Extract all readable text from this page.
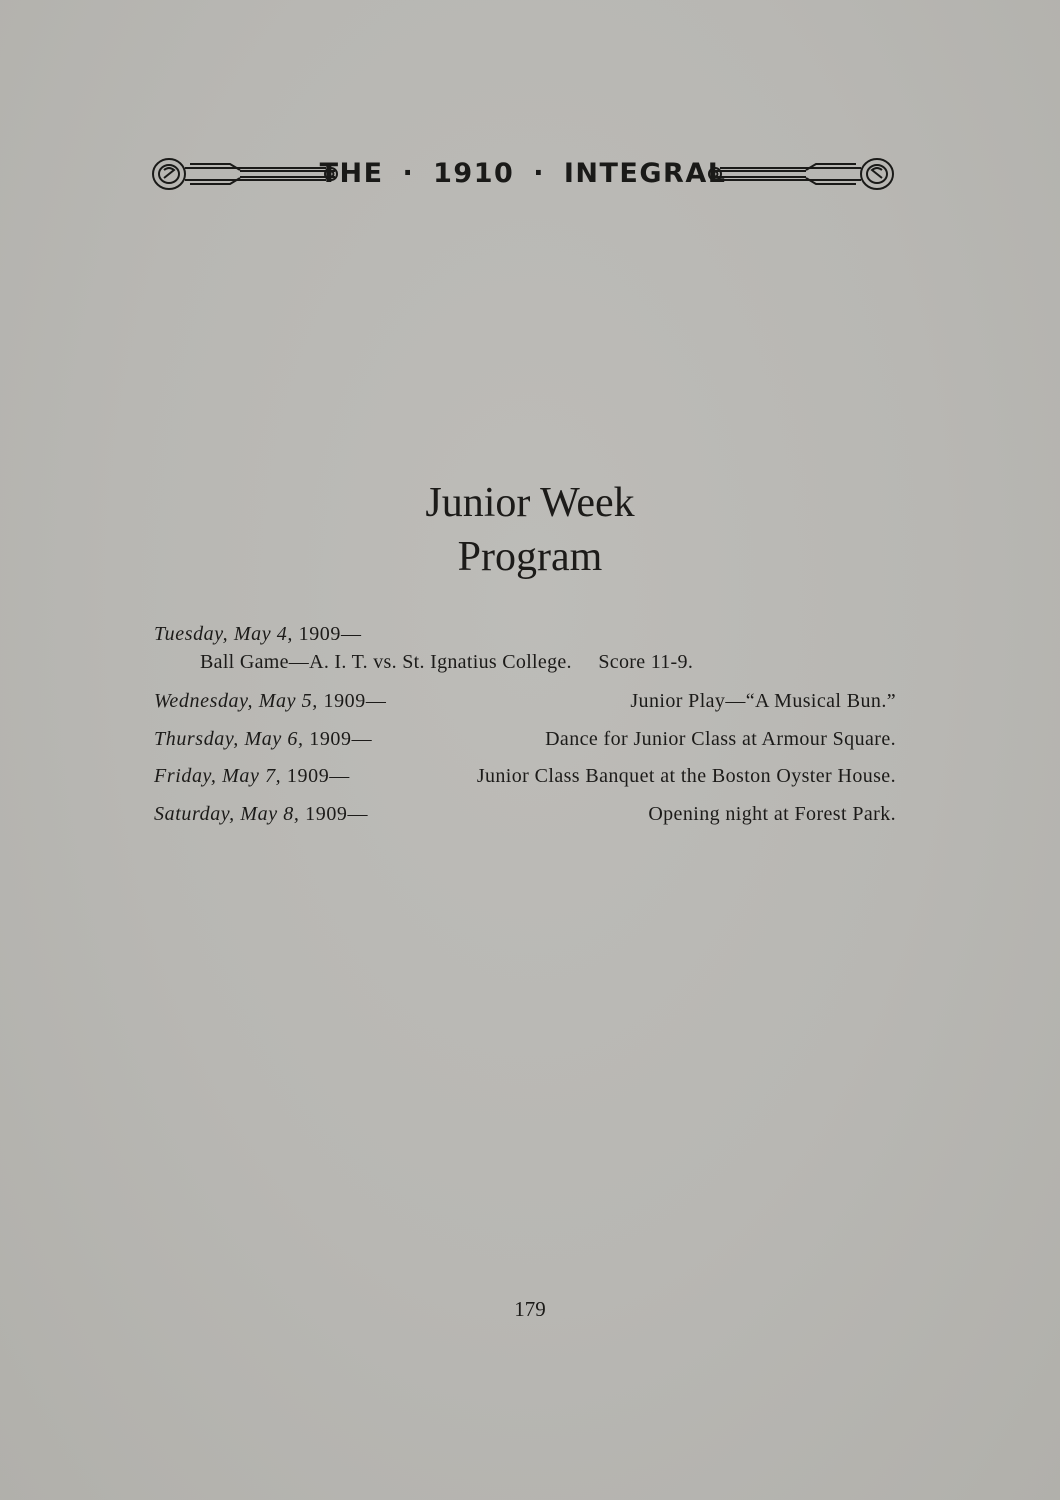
THE · 1910 · INTEGRAL
Junior Week
Program
Tuesday, May 4, 1909—
Ball Game—A. I. T. vs. St. Ignatius College.     Score 11-9.
Wednesday, May 5, 1909—	Junior Play—“A Musical Bun.”
Thursday, May 6, 1909—	Dance for Junior Class at Armour Square.
Friday, May 7, 1909—	Junior Class Banquet at the Boston Oyster House.
Saturday, May 8, 1909—	Opening night at Forest Park.
179
